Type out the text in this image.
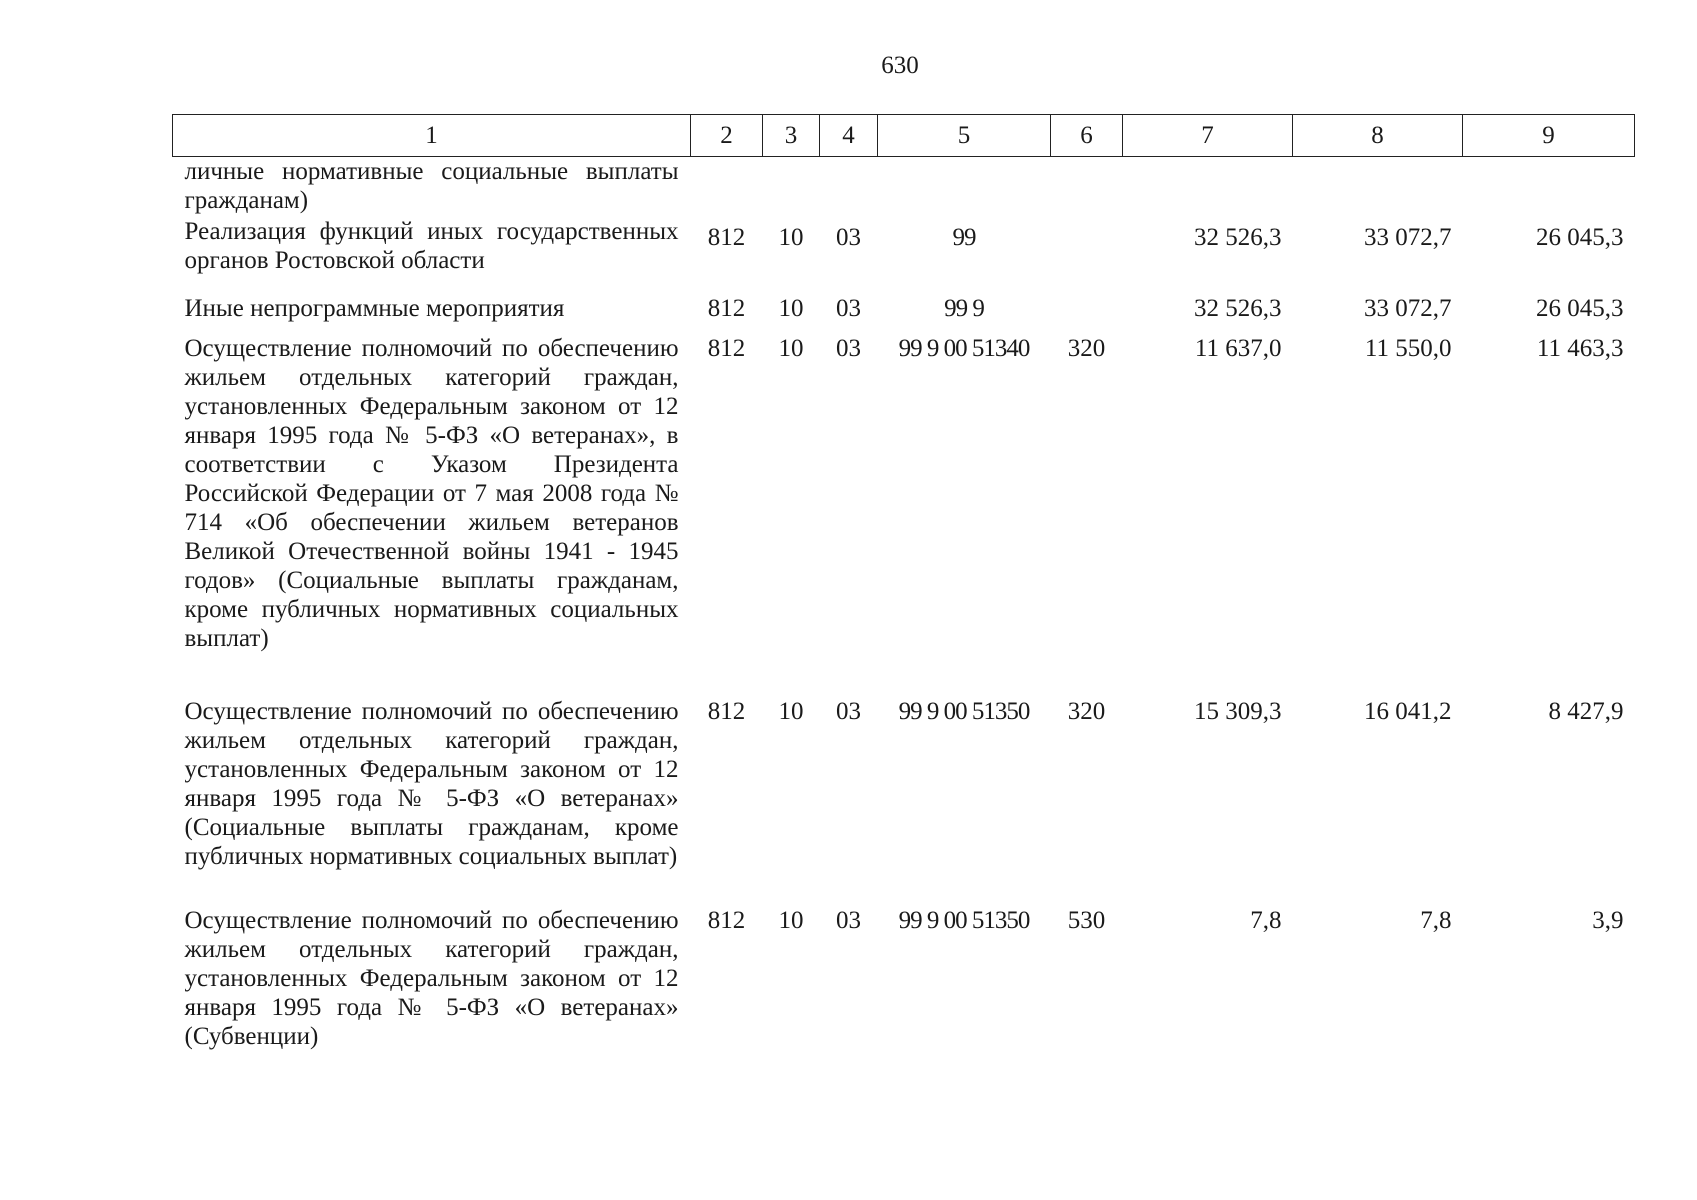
630
1	2	3	4	5	6	7	8	9
личные нормативные социальные выплаты гражданам)								
Реализация функций иных государственных органов Ростовской области	812	10	03	99		32 526,3	33 072,7	26 045,3
Иные непрограммные мероприятия	812	10	03	99 9		32 526,3	33 072,7	26 045,3
Осуществление полномочий по обеспечению жильем отдельных категорий граждан, установленных Федеральным законом от 12 января 1995 года № 5-ФЗ «О ветеранах», в соответствии с Указом Президента Российской Федерации от 7 мая 2008 года № 714 «Об обеспечении жильем ветеранов Великой Отечественной войны 1941 - 1945 годов» (Социальные выплаты гражданам, кроме публичных нормативных социальных выплат)	812	10	03	99 9 00 51340	320	11 637,0	11 550,0	11 463,3
Осуществление полномочий по обеспечению жильем отдельных категорий граждан, установленных Федеральным законом от 12 января 1995 года № 5-ФЗ «О ветеранах» (Социальные выплаты гражданам, кроме публичных нормативных социальных выплат)	812	10	03	99 9 00 51350	320	15 309,3	16 041,2	8 427,9
Осуществление полномочий по обеспечению жильем отдельных категорий граждан, установленных Федеральным законом от 12 января 1995 года № 5-ФЗ «О ветеранах» (Субвенции)	812	10	03	99 9 00 51350	530	7,8	7,8	3,9
